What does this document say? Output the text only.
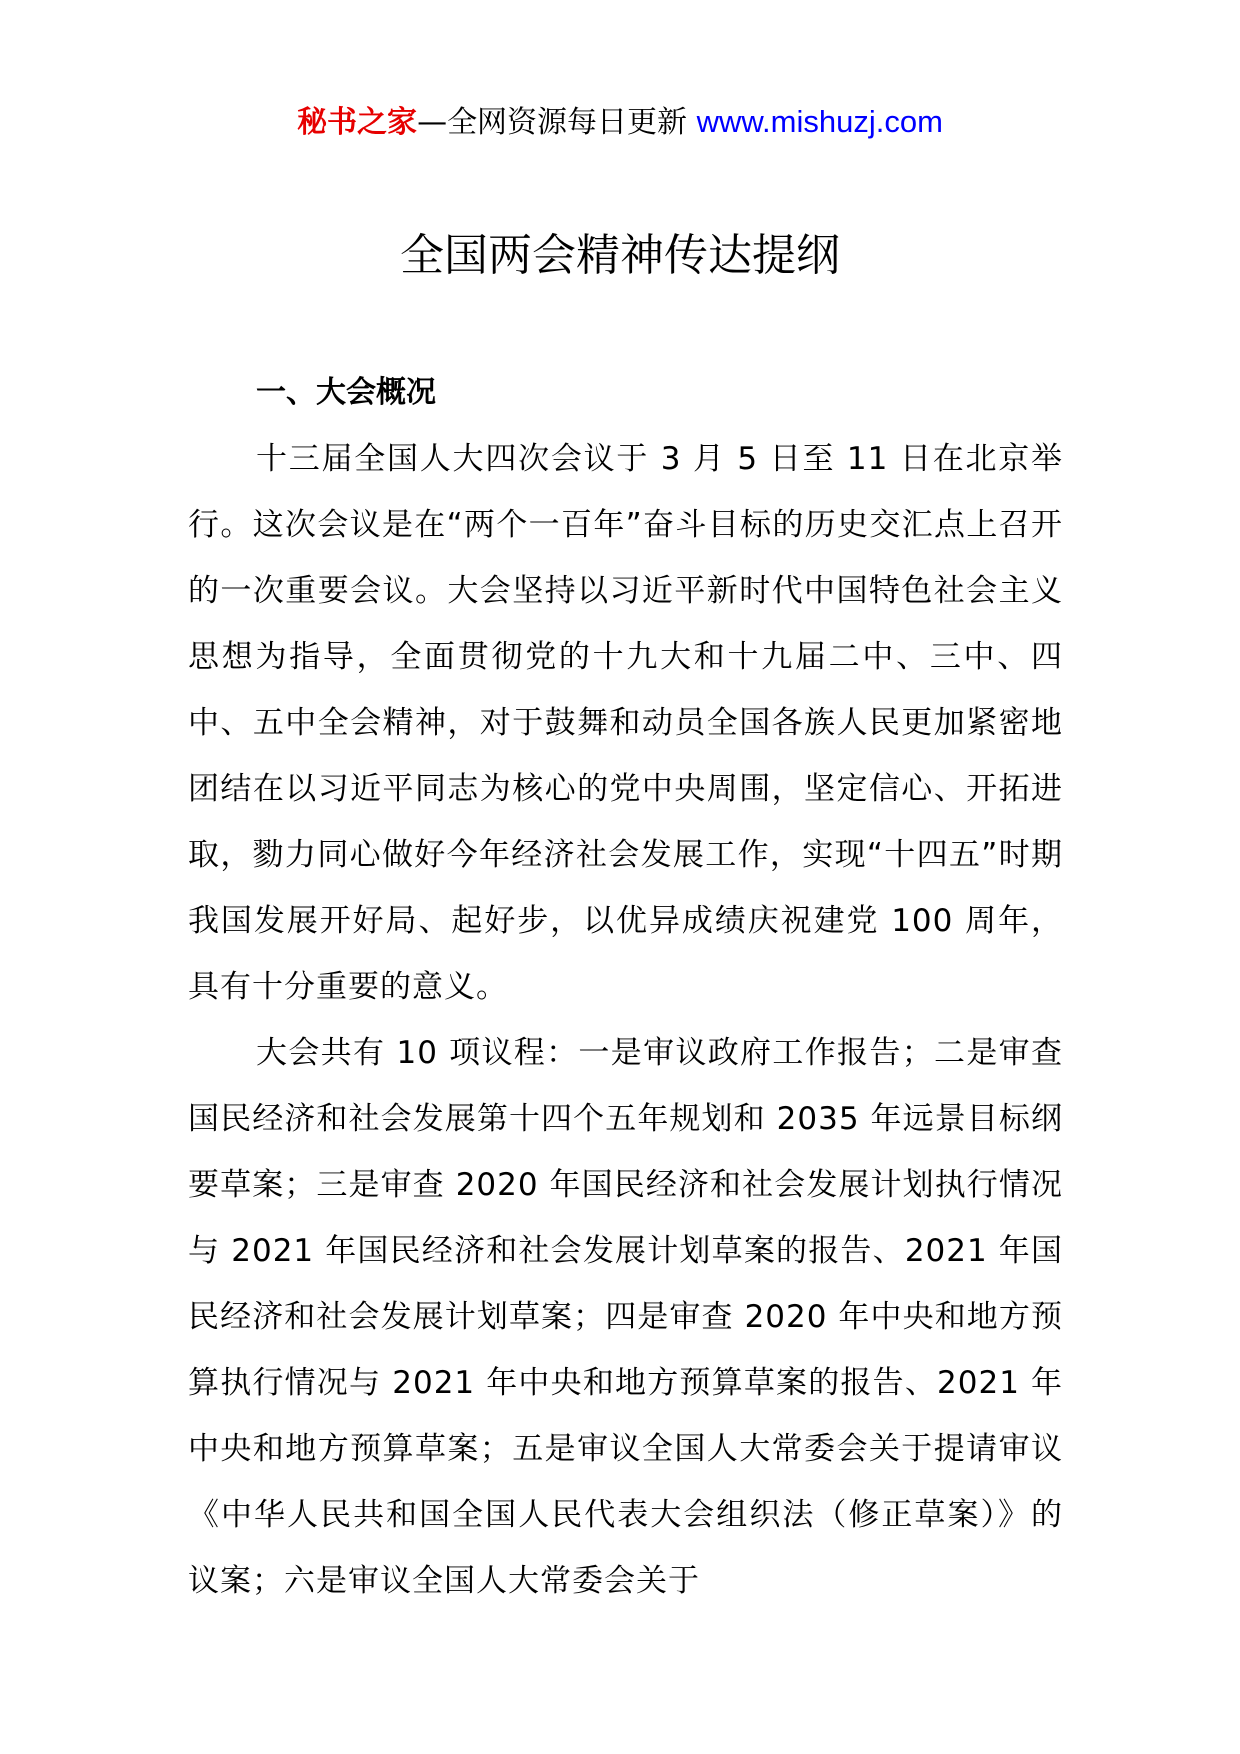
秘书之家—全网资源每日更新 www.mishuzj.com
全国两会精神传达提纲
一、大会概况

十三届全国人大四次会议于 3 月 5 日至 11 日在北京举行。这次会议是在“两个一百年”奋斗目标的历史交汇点上召开的一次重要会议。大会坚持以习近平新时代中国特色社会主义思想为指导，全面贯彻党的十九大和十九届二中、三中、四中、五中全会精神，对于鼓舞和动员全国各族人民更加紧密地团结在以习近平同志为核心的党中央周围，坚定信心、开拓进取，勠力同心做好今年经济社会发展工作，实现“十四五”时期我国发展开好局、起好步，以优异成绩庆祝建党 100 周年，具有十分重要的意义。

大会共有 10 项议程：一是审议政府工作报告；二是审查国民经济和社会发展第十四个五年规划和 2035 年远景目标纲要草案；三是审查 2020 年国民经济和社会发展计划执行情况与 2021 年国民经济和社会发展计划草案的报告、2021 年国民经济和社会发展计划草案；四是审查 2020 年中央和地方预算执行情况与 2021 年中央和地方预算草案的报告、2021 年中央和地方预算草案；五是审议全国人大常委会关于提请审议《中华人民共和国全国人民代表大会组织法（修正草案）》的议案；六是审议全国人大常委会关于
